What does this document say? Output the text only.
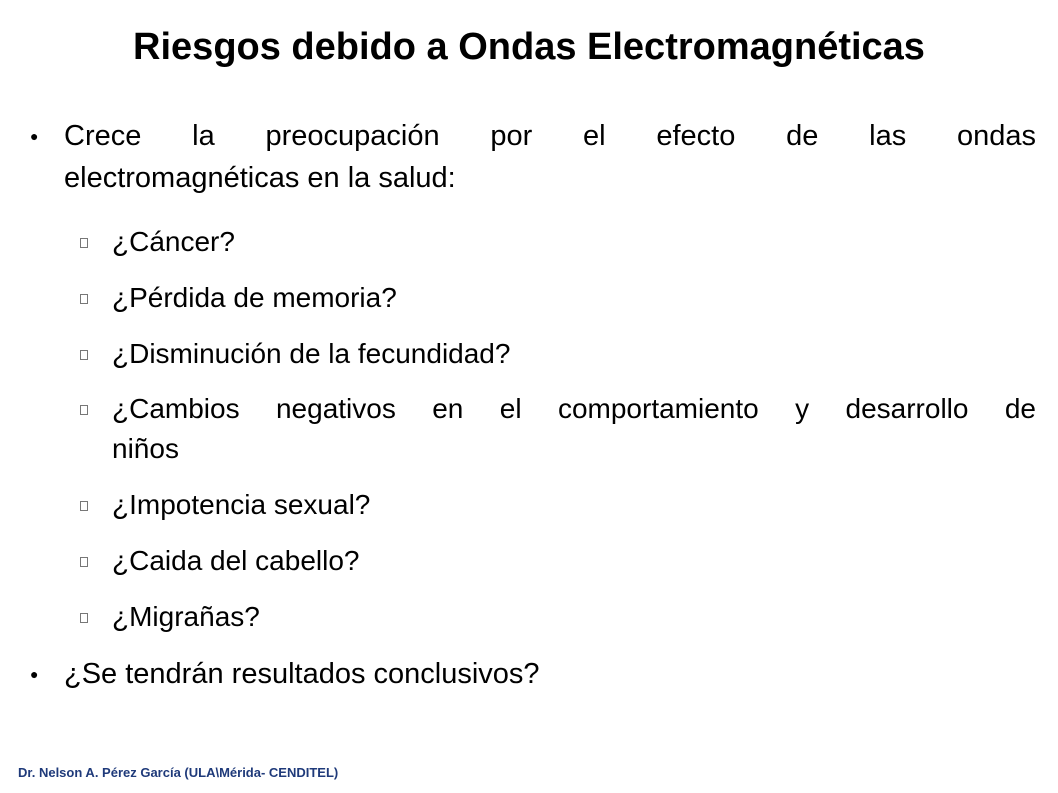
Riesgos debido a Ondas Electromagnéticas
● Crece la preocupación por el efecto de las ondas
electromagnéticas en la salud:
¿Cáncer?
¿Pérdida de memoria?
¿Disminución de la fecundidad?
¿Cambios negativos en el comportamiento y desarrollo de
niños
¿Impotencia sexual?
¿Caida del cabello?
¿Migrañas?
● ¿Se tendrán resultados conclusivos?
Dr. Nelson A. Pérez García (ULA\Mérida- CENDITEL)
